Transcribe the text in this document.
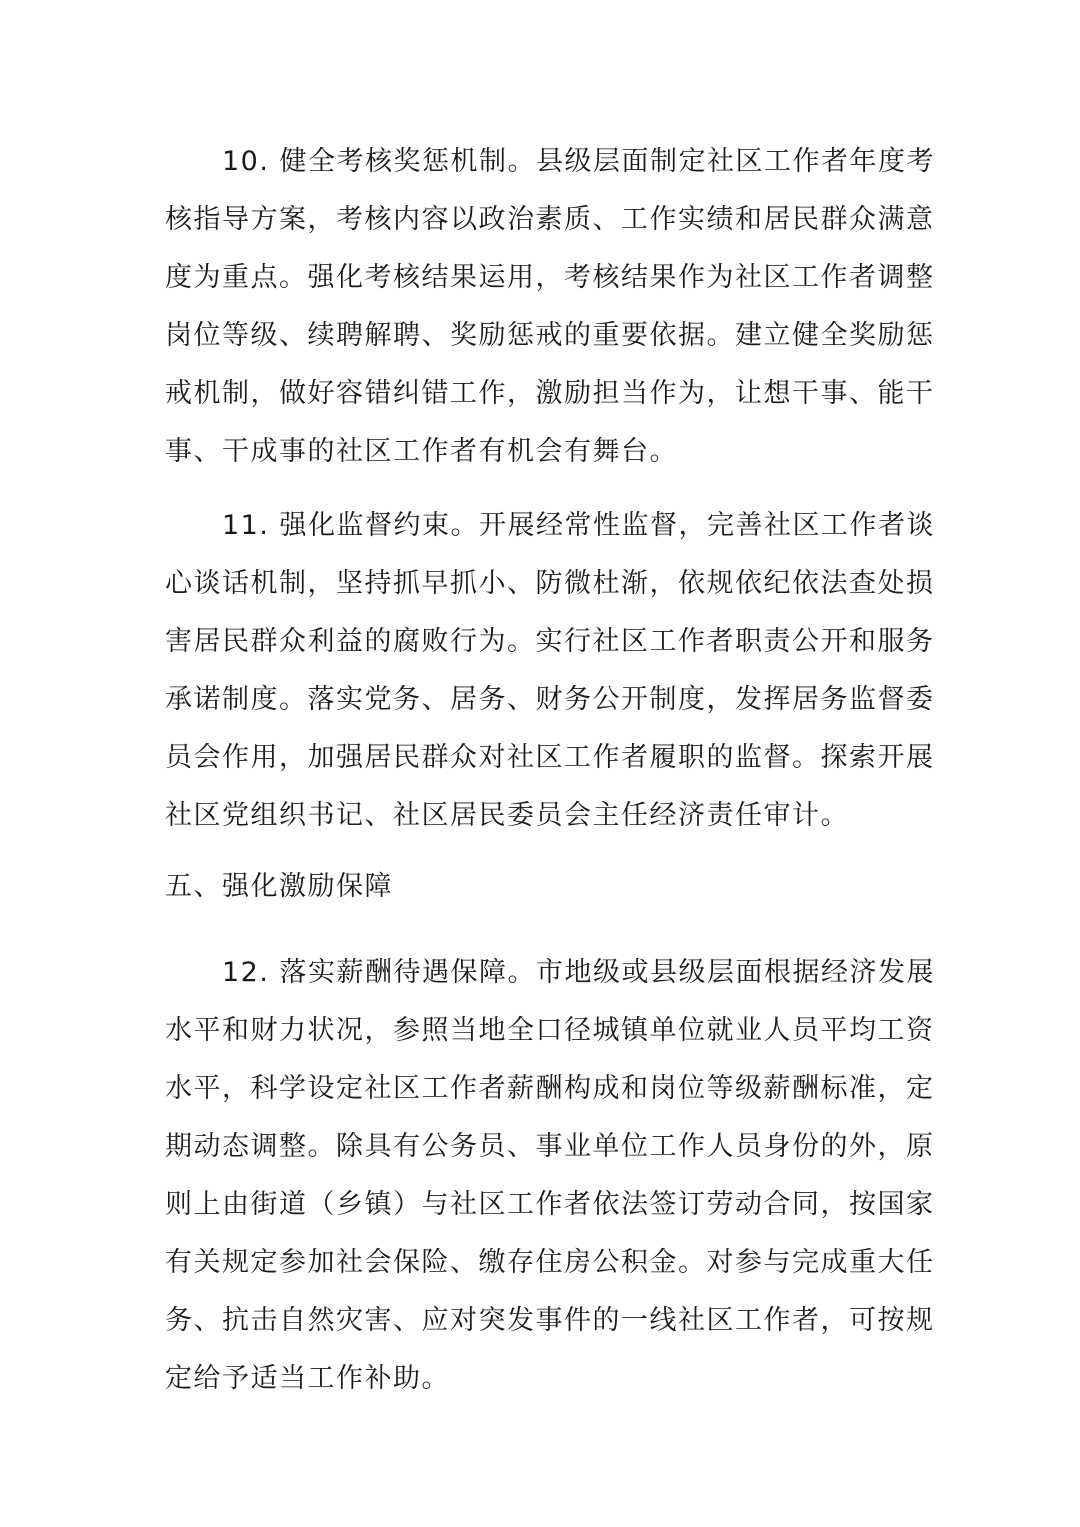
10. 健全考核奖惩机制。县级层面制定社区工作者年度考
核指导方案，考核内容以政治素质、工作实绩和居民群众满意
度为重点。强化考核结果运用，考核结果作为社区工作者调整
岗位等级、续聘解聘、奖励惩戒的重要依据。建立健全奖励惩
戒机制，做好容错纠错工作，激励担当作为，让想干事、能干
事、干成事的社区工作者有机会有舞台。
11. 强化监督约束。开展经常性监督，完善社区工作者谈
心谈话机制，坚持抓早抓小、防微杜渐，依规依纪依法查处损
害居民群众利益的腐败行为。实行社区工作者职责公开和服务
承诺制度。落实党务、居务、财务公开制度，发挥居务监督委
员会作用，加强居民群众对社区工作者履职的监督。探索开展
社区党组织书记、社区居民委员会主任经济责任审计。
五、强化激励保障
12. 落实薪酬待遇保障。市地级或县级层面根据经济发展
水平和财力状况，参照当地全口径城镇单位就业人员平均工资
水平，科学设定社区工作者薪酬构成和岗位等级薪酬标准，定
期动态调整。除具有公务员、事业单位工作人员身份的外，原
则上由街道（乡镇）与社区工作者依法签订劳动合同，按国家
有关规定参加社会保险、缴存住房公积金。对参与完成重大任
务、抗击自然灾害、应对突发事件的一线社区工作者，可按规
定给予适当工作补助。
